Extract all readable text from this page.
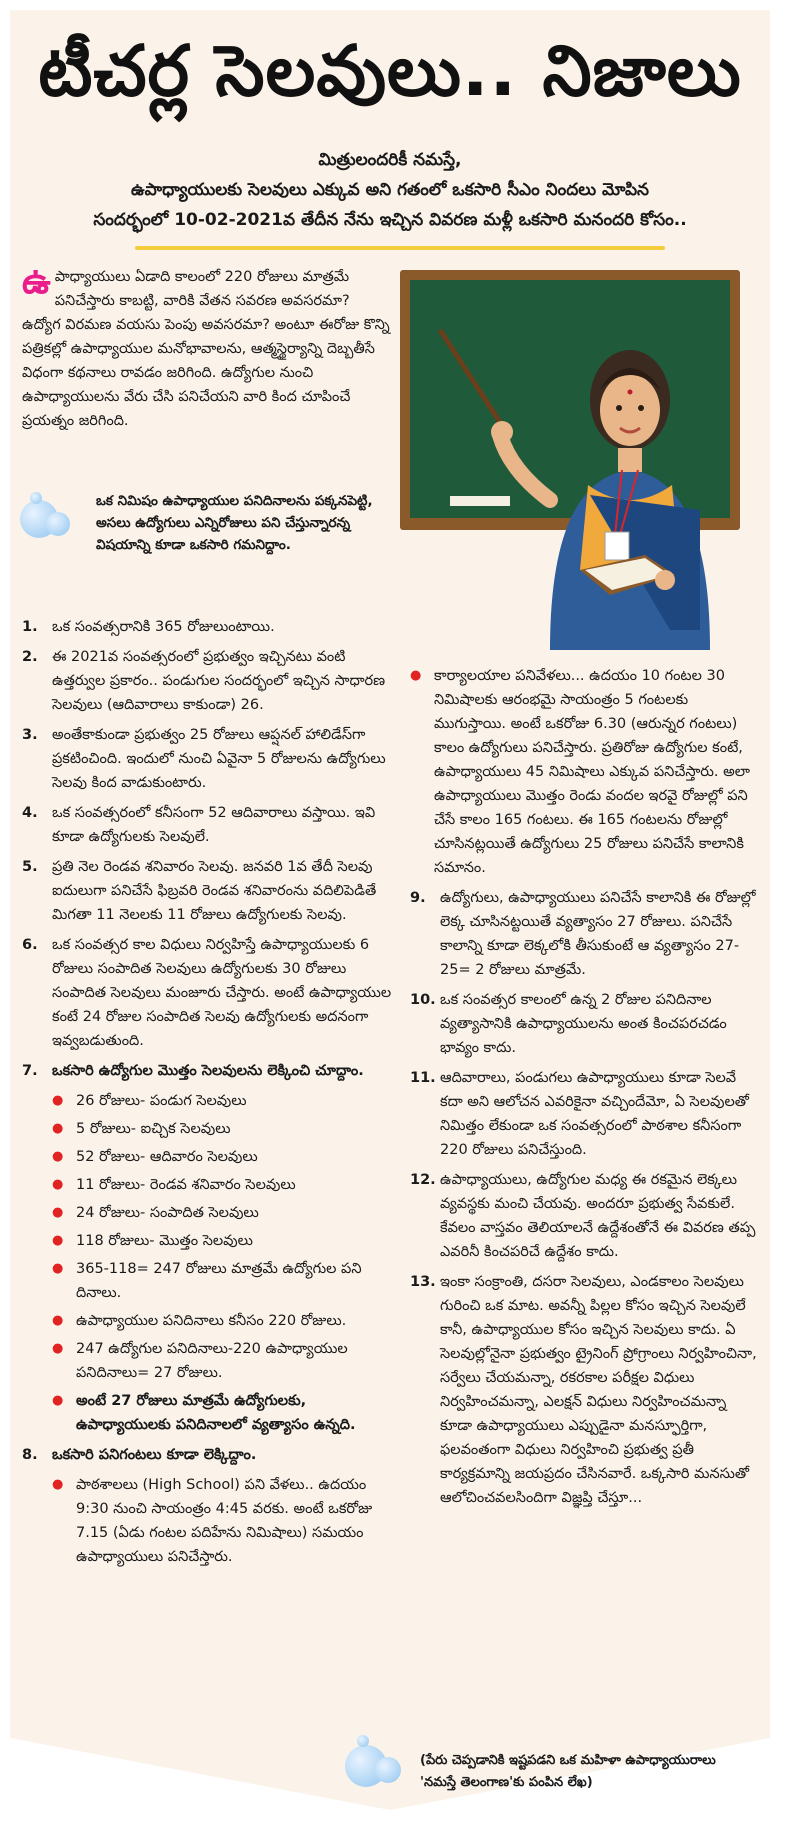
టీచర్ల సెలవులు.. నిజాలు
మిత్రులందరికీ నమస్తే,
ఉపాధ్యాయులకు సెలవులు ఎక్కువ అని గతంలో ఒకసారి సీఎం నిందలు మోపిన
సందర్భంలో 10-02-2021వ తేదీన నేను ఇచ్చిన వివరణ మళ్లీ ఒకసారి మనందరి కోసం..
ఉ పాధ్యాయులు ఏడాది కాలంలో 220 రోజులు మాత్రమే పనిచేస్తారు కాబట్టి, వారికి వేతన సవరణ అవసరమా? ఉద్యోగ విరమణ వయసు పెంపు అవసరమా? అంటూ ఈరోజు కొన్ని పత్రికల్లో ఉపాధ్యాయుల మనోభావాలను, ఆత్మస్థైర్యాన్ని దెబ్బతీసే విధంగా కథనాలు రావడం జరిగింది. ఉద్యోగుల నుంచి ఉపాధ్యాయులను వేరు చేసి పనిచేయని వారి కింద చూపించే ప్రయత్నం జరిగింది.
ఒక నిమిషం ఉపాధ్యాయుల పనిదినాలను పక్కనపెట్టి, అసలు ఉద్యోగులు ఎన్నిరోజులు పని చేస్తున్నారన్న విషయాన్ని కూడా ఒకసారి గమనిద్దాం.
1. ఒక సంవత్సరానికి 365 రోజులుంటాయి.
2. ఈ 2021వ సంవత్సరంలో ప్రభుత్వం ఇచ్చినటు వంటి ఉత్తర్వుల ప్రకారం.. పండుగుల సందర్భంలో ఇచ్చిన సాధారణ సెలవులు (ఆదివారాలు కాకుండా) 26.
3. అంతేకాకుండా ప్రభుత్వం 25 రోజులు ఆప్షనల్ హాలిడేస్‌గా ప్రకటించింది. ఇందులో నుంచి ఏవైనా 5 రోజులను ఉద్యోగులు సెలవు కింద వాడుకుంటారు.
4. ఒక సంవత్సరంలో కనీసంగా 52 ఆదివారాలు వస్తాయి. ఇవి కూడా ఉద్యోగులకు సెలవులే.
5. ప్రతి నెల రెండవ శనివారం సెలవు. జనవరి 1వ తేదీ సెలవు ఐదులుగా పనిచేసే ఫిబ్రవరి రెండవ శనివారంను వదిలిపెడితే మిగతా 11 నెలలకు 11 రోజులు ఉద్యోగులకు సెలవు.
6. ఒక సంవత్సర కాల విధులు నిర్వహిస్తే ఉపాధ్యాయులకు 6 రోజులు సంపాదిత సెలవులు ఉద్యోగులకు 30 రోజులు సంపాదిత సెలవులు మంజూరు చేస్తారు. అంటే ఉపాధ్యాయుల కంటే 24 రోజుల సంపాదిత సెలవు ఉద్యోగులకు అదనంగా ఇవ్వబడుతుంది.
7. ఒకసారి ఉద్యోగుల మొత్తం సెలవులను లెక్కించి చూద్దాం.
● 26 రోజులు- పండుగ సెలవులు
● 5 రోజులు- ఐచ్చిక సెలవులు
● 52 రోజులు- ఆదివారం సెలవులు
● 11 రోజులు- రెండవ శనివారం సెలవులు
● 24 రోజులు- సంపాదిత సెలవులు
● 118 రోజులు- మొత్తం సెలవులు
● 365-118= 247 రోజులు మాత్రమే ఉద్యోగుల పని దినాలు.
● ఉపాధ్యాయుల పనిదినాలు కనీసం 220 రోజులు.
● 247 ఉద్యోగుల పనిదినాలు-220 ఉపాధ్యాయుల పనిదినాలు= 27 రోజులు.
● అంటే 27 రోజులు మాత్రమే ఉద్యోగులకు, ఉపాధ్యాయులకు పనిదినాలలో వ్యత్యాసం ఉన్నది.
8. ఒకసారి పనిగంటలు కూడా లెక్కిద్దాం.
● పాఠశాలలు (High School) పని వేళలు.. ఉదయం 9:30 నుంచి సాయంత్రం 4:45 వరకు. అంటే ఒకరోజు 7.15 (ఏడు గంటల పదిహేను నిమిషాలు) సమయం ఉపాధ్యాయులు పనిచేస్తారు.
● కార్యాలయాల పనివేళలు... ఉదయం 10 గంటల 30 నిమిషాలకు ఆరంభమై సాయంత్రం 5 గంటలకు ముగుస్తాయి. అంటే ఒకరోజు 6.30 (ఆరున్నర గంటలు) కాలం ఉద్యోగులు పనిచేస్తారు. ప్రతిరోజు ఉద్యోగుల కంటే, ఉపాధ్యాయులు 45 నిమిషాలు ఎక్కువ పనిచేస్తారు. అలా ఉపాధ్యాయులు మొత్తం రెండు వందల ఇరవై రోజుల్లో పని చేసే కాలం 165 గంటలు. ఈ 165 గంటలను రోజుల్లో చూసినట్లయితే ఉద్యోగులు 25 రోజులు పనిచేసే కాలానికి సమానం.
9. ఉద్యోగులు, ఉపాధ్యాయులు పనిచేసే కాలానికి ఈ రోజుల్లో లెక్క చూసినట్టయితే వ్యత్యాసం 27 రోజులు. పనిచేసే కాలాన్ని కూడా లెక్కలోకి తీసుకుంటే ఆ వ్యత్యాసం 27-25= 2 రోజులు మాత్రమే.
10. ఒక సంవత్సర కాలంలో ఉన్న 2 రోజుల పనిదినాల వ్యత్యాసానికి ఉపాధ్యాయులను అంత కించపరచడం భావ్యం కాదు.
11. ఆదివారాలు, పండుగలు ఉపాధ్యాయులు కూడా సెలవే కదా అని ఆలోచన ఎవరికైనా వచ్చిందేమో, ఏ సెలవులతో నిమిత్తం లేకుండా ఒక సంవత్సరంలో పాఠశాల కనీసంగా 220 రోజులు పనిచేస్తుంది.
12. ఉపాధ్యాయులు, ఉద్యోగుల మధ్య ఈ రకమైన లెక్కలు వ్యవస్థకు మంచి చేయవు. అందరూ ప్రభుత్వ సేవకులే. కేవలం వాస్తవం తెలియాలనే ఉద్దేశంతోనే ఈ వివరణ తప్ప ఎవరినీ కించపరిచే ఉద్దేశం కాదు.
13. ఇంకా సంక్రాంతి, దసరా సెలవులు, ఎండకాలం సెలవులు గురించి ఒక మాట. అవన్నీ పిల్లల కోసం ఇచ్చిన సెలవులే కానీ, ఉపాధ్యాయుల కోసం ఇచ్చిన సెలవులు కాదు. ఏ సెలవుల్లోనైనా ప్రభుత్వం ట్రైనింగ్ ప్రోగ్రాంలు నిర్వహించినా, సర్వేలు చేయమన్నా, రకరకాల పరీక్షల విధులు నిర్వహించమన్నా, ఎలక్షన్ విధులు నిర్వహించమన్నా కూడా ఉపాధ్యాయులు ఎప్పుడైనా మనస్ఫూర్తిగా, ఫలవంతంగా విధులు నిర్వహించి ప్రభుత్వ ప్రతీ కార్యక్రమాన్ని జయప్రదం చేసినవారే. ఒక్కసారి మనసుతో ఆలోచించవలసిందిగా విజ్ఞప్తి చేస్తూ...
(పేరు చెప్పడానికి ఇష్టపడని ఒక మహిళా ఉపాధ్యాయురాలు 'నమస్తే తెలంగాణ'కు పంపిన లేఖ)
